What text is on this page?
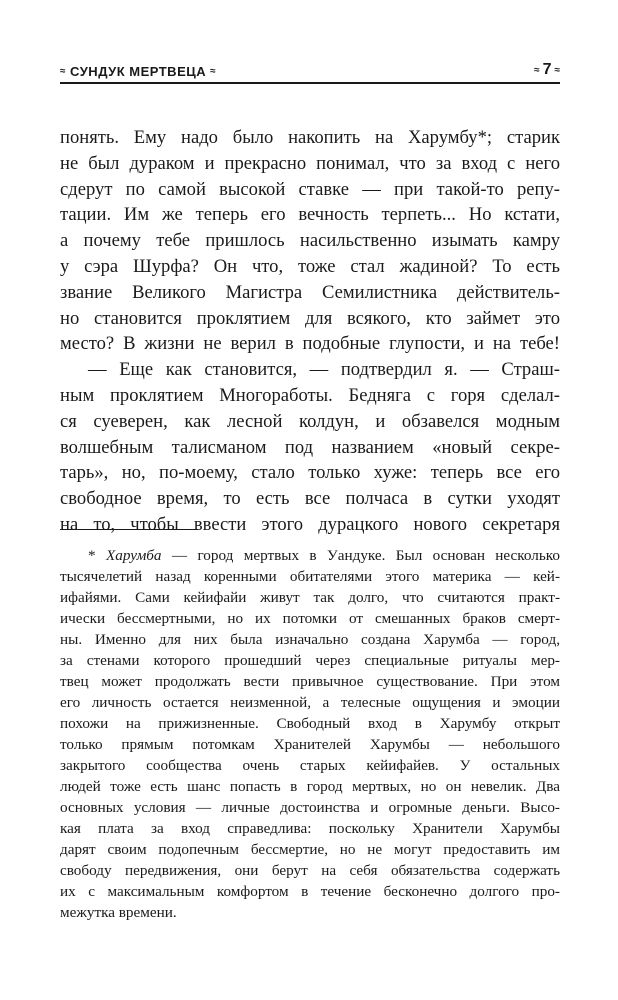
≈ СУНДУК МЕРТВЕЦА ≈	≈ 7 ≈
понять. Ему надо было накопить на Харумбу*; старик
не был дураком и прекрасно понимал, что за вход с него
сдерут по самой высокой ставке — при такой-то репу-
тации. Им же теперь его вечность терпеть... Но кстати,
а почему тебе пришлось насильственно изымать камру
у сэра Шурфа? Он что, тоже стал жадиной? То есть
звание Великого Магистра Семилистника действитель-
но становится проклятием для всякого, кто займет это
место? В жизни не верил в подобные глупости, и на тебе!
— Еще как становится, — подтвердил я. — Страш-
ным проклятием Многоработы. Бедняга с горя сделал-
ся суеверен, как лесной колдун, и обзавелся модным
волшебным талисманом под названием «новый секре-
тарь», но, по-моему, стало только хуже: теперь все его
свободное время, то есть все полчаса в сутки уходят
на то, чтобы ввести этого дурацкого нового секретаря
* Харумба — город мертвых в Уандуке. Был основан несколько
тысячелетий назад коренными обитателями этого материка — кей-
ифайями. Сами кейифайи живут так долго, что считаются практ-
ически бессмертными, но их потомки от смешанных браков смерт-
ны. Именно для них была изначально создана Харумба — город,
за стенами которого прошедший через специальные ритуалы мер-
твец может продолжать вести привычное существование. При этом
его личность остается неизменной, а телесные ощущения и эмоции
похожи на прижизненные. Свободный вход в Харумбу открыт
только прямым потомкам Хранителей Харумбы — небольшого
закрытого сообщества очень старых кейифайев. У остальных
людей тоже есть шанс попасть в город мертвых, но он невелик. Два
основных условия — личные достоинства и огромные деньги. Высо-
кая плата за вход справедлива: поскольку Хранители Харумбы
дарят своим подопечным бессмертие, но не могут предоставить им
свободу передвижения, они берут на себя обязательства содержать
их с максимальным комфортом в течение бесконечно долгого про-
межутка времени.
